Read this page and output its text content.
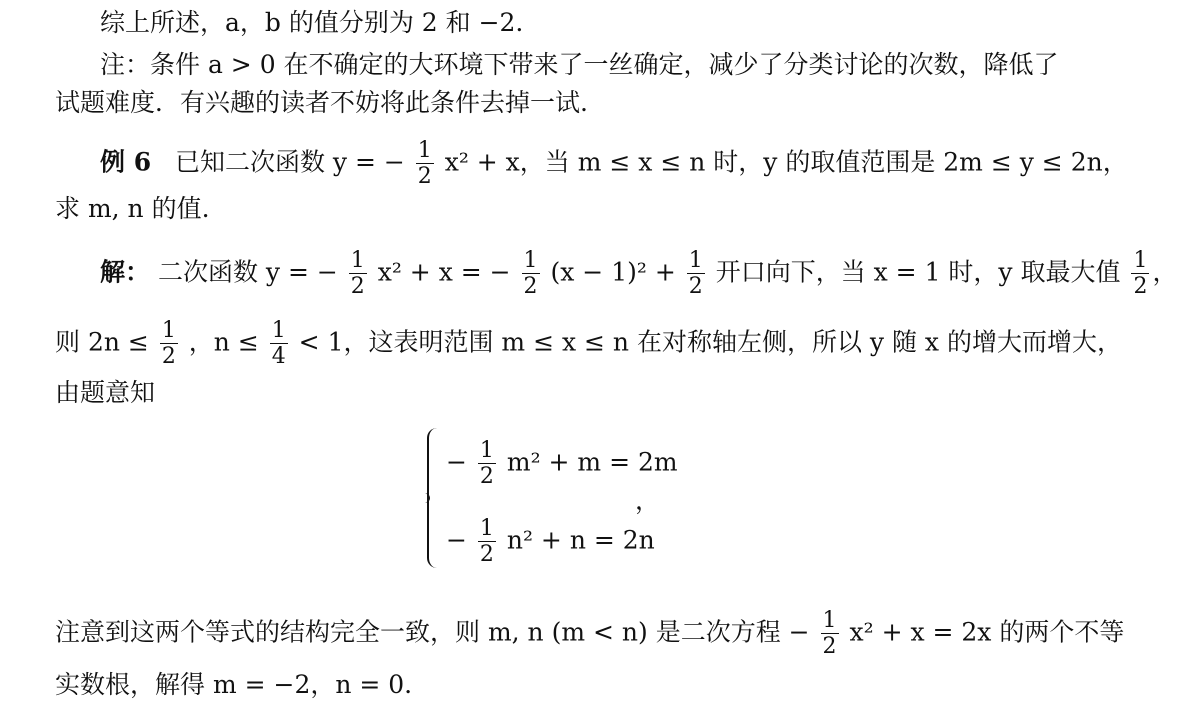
综上所述，a，b 的值分别为 2 和 −2．
注：条件 a > 0 在不确定的大环境下带来了一丝确定，减少了分类讨论的次数，降低了
试题难度．有兴趣的读者不妨将此条件去掉一试.
例 6 已知二次函数 y = − $\frac{1}{2} x^2 + x$，当 m ≤ x ≤ n 时，y 的取值范围是 2m ≤ y ≤ 2n，
求 m, n 的值.
解： 二次函数 y = − $\frac{1}{2} x^2 + x$ = − $\frac{1}{2} (x - 1)^2 + \frac{1}{2}$ 开口向下，当 x = 1 时，y 取最大值 $\frac{1}{2}$ ，
则 $2n \le \frac{1}{2}$ ，$n \le \frac{1}{4} < 1$，这表明范围 m ≤ x ≤ n 在对称轴左侧，所以 y 随 x 的增大而增大，
由题意知
− $\frac{1}{2} m^2 + m = 2m$
，
− $\frac{1}{2} n^2 + n = 2n$
注意到这两个等式的结构完全一致，则 m, n (m < n) 是二次方程 − $\frac{1}{2} x^2 + x = 2x$ 的两个不等
实数根，解得 m = −2，n = 0．
